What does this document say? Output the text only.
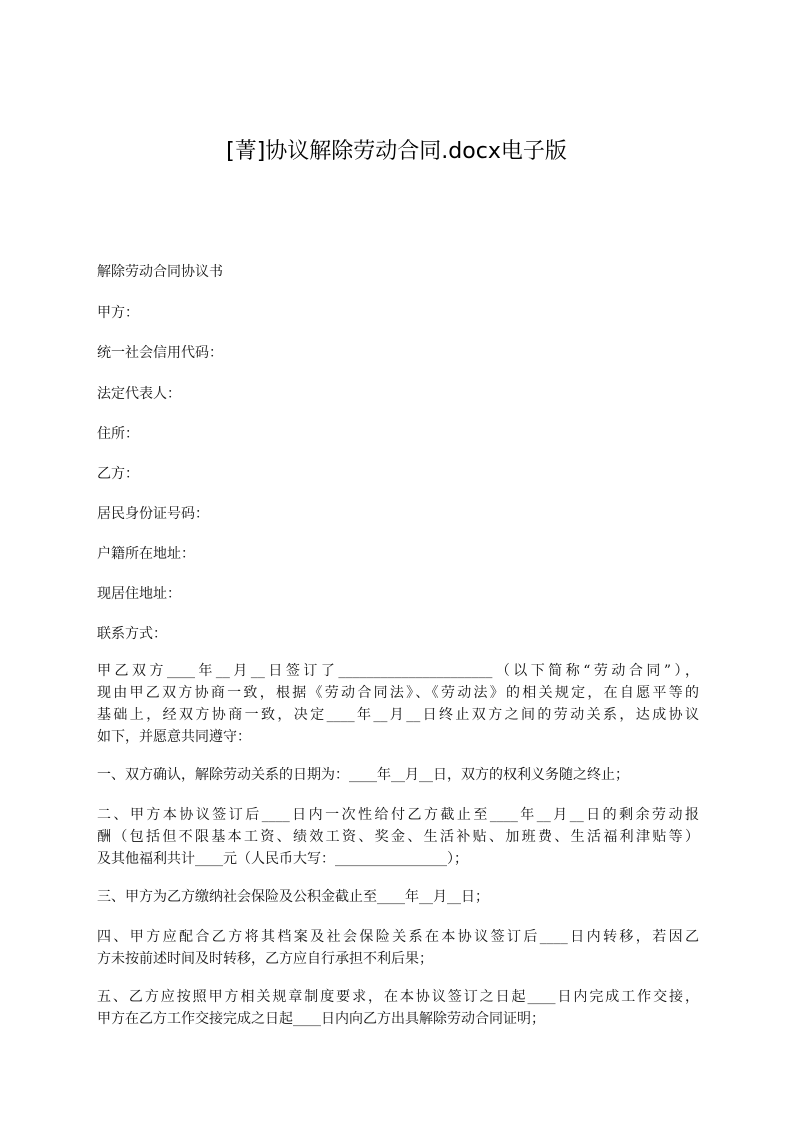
[菁]协议解除劳动合同.docx电子版

解除劳动合同协议书

甲方：

统一社会信用代码：

法定代表人：

住所：

乙方：

居民身份证号码：

户籍所在地址：

现居住地址：

联系方式：

甲乙双方____年__月__日签订了______________________（以下简称“劳动合同”），
现由甲乙双方协商一致，根据《劳动合同法》、《劳动法》的相关规定，在自愿平等的
基础上，经双方协商一致，决定____年__月__日终止双方之间的劳动关系，达成协议
如下，并愿意共同遵守：
一、双方确认，解除劳动关系的日期为：____年__月__日，双方的权利义务随之终止；
二、甲方本协议签订后____日内一次性给付乙方截止至____年__月__日的剩余劳动报
酬（包括但不限基本工资、绩效工资、奖金、生活补贴、加班费、生活福利津贴等）
及其他福利共计____元（人民币大写：________________）；
三、甲方为乙方缴纳社会保险及公积金截止至____年__月__日；
四、甲方应配合乙方将其档案及社会保险关系在本协议签订后____日内转移，若因乙
方未按前述时间及时转移，乙方应自行承担不利后果；
五、乙方应按照甲方相关规章制度要求，在本协议签订之日起____日内完成工作交接，
甲方在乙方工作交接完成之日起____日内向乙方出具解除劳动合同证明；
